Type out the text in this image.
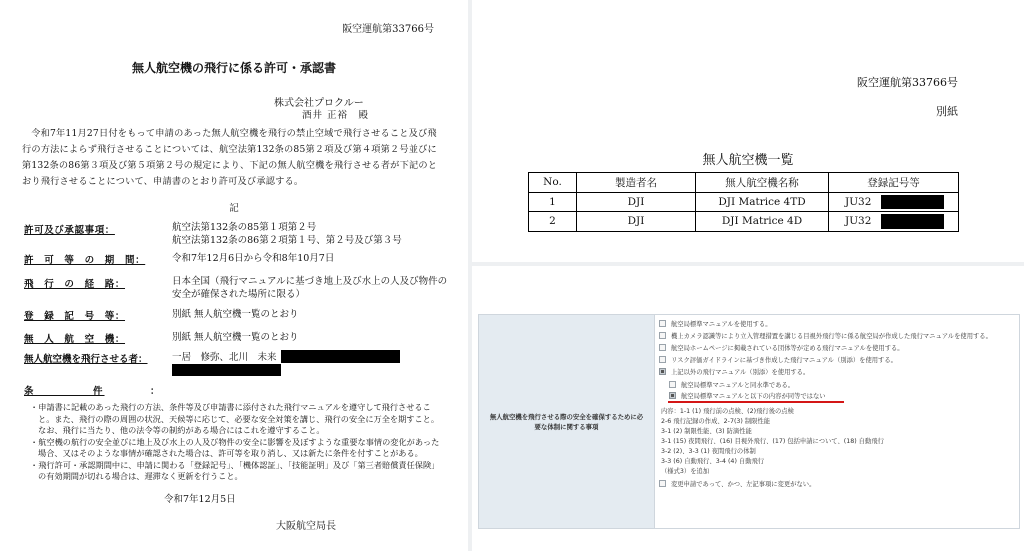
阪空運航第33766号
無人航空機の飛行に係る許可・承認書
株式会社プロクルー
酒井 正裕　殿
令和7年11月27日付をもって申請のあった無人航空機を飛行の禁止空域で飛行させること及び飛行の方法によらず飛行させることについては、航空法第132条の85第２項及び第４項第２号並びに第132条の86第３項及び第５項第２号の規定により、下記の無人航空機を飛行させる者が下記のとおり飛行させることについて、申請書のとおり許可及び承認する。
記
許可及び承認事項：	航空法第132条の85第１項第２号
航空法第132条の86第２項第１号、第２号及び第３号
許　可　等　の　期　間：	令和7年12月6日から令和8年10月7日
飛　行　の　経　路：	日本全国（飛行マニュアルに基づき地上及び水上の人及び物件の安全が確保された場所に限る）
登　録　記　号　等：	別紙 無人航空機一覧のとおり
無　人　航　空　機：	別紙 無人航空機一覧のとおり
無人航空機を飛行させる者：	一居　修弥、北川　未来
条　　　　　件	：
・申請書に記載のあった飛行の方法、条件等及び申請書に添付された飛行マニュアルを遵守して飛行させること。また、飛行の際の周囲の状況、天候等に応じて、必要な安全対策を講じ、飛行の安全に万全を期すこと。なお、飛行に当たり、他の法令等の制約がある場合にはこれを遵守すること。
・航空機の航行の安全並びに地上及び水上の人及び物件の安全に影響を及ぼすような重要な事情の変化があった場合、又はそのような事情が確認された場合は、許可等を取り消し、又は新たに条件を付すことがある。
・飛行許可・承認期間中に、申請に関わる「登録記号」、「機体認証」、「技能証明」及び「第三者賠償責任保険」の有効期間が切れる場合は、遅滞なく更新を行うこと。
令和7年12月5日
大阪航空局長
阪空運航第33766号
別紙
無人航空機一覧
No.	製造者名	無人航空機名称	登録記号等
1	DJI	DJI Matrice 4TD	JU32

2	DJI	DJI Matrice 4D	JU32
無人航空機を飛行させる際の安全を確保するために必要な体制に関する事項
航空局標準マニュアルを使用する。
機上カメラ認識等により立入管理措置を講じる目視外飛行等に係る航空局が作成した飛行マニュアルを使用する。
航空局ホームページに掲載されている団体等が定める飛行マニュアルを使用する。
リスク評価ガイドラインに基づき作成した飛行マニュアル（別添）を使用する。
上記以外の飛行マニュアル（別添）を使用する。
航空局標準マニュアルと同水準である。
航空局標準マニュアルと以下の内容が同等ではない
内容：1-1 (1) 飛行前の点検、(2)飛行後の点検
2-6 飛行記録の作成、2-7(3) 制限性能
3-1 (2) 制限性能、(3) 防滴性能
3-1 (15) 夜間飛行、(16) 目視外飛行、(17) 包括申請について、(18) 自動飛行
3-2 (2)、3-3 (1) 夜間飛行の体制
3-3 (6) 自動飛行、3-4 (4) 自動飛行
（様式3）を追加
変更申請であって、かつ、左記事項に変更がない。
